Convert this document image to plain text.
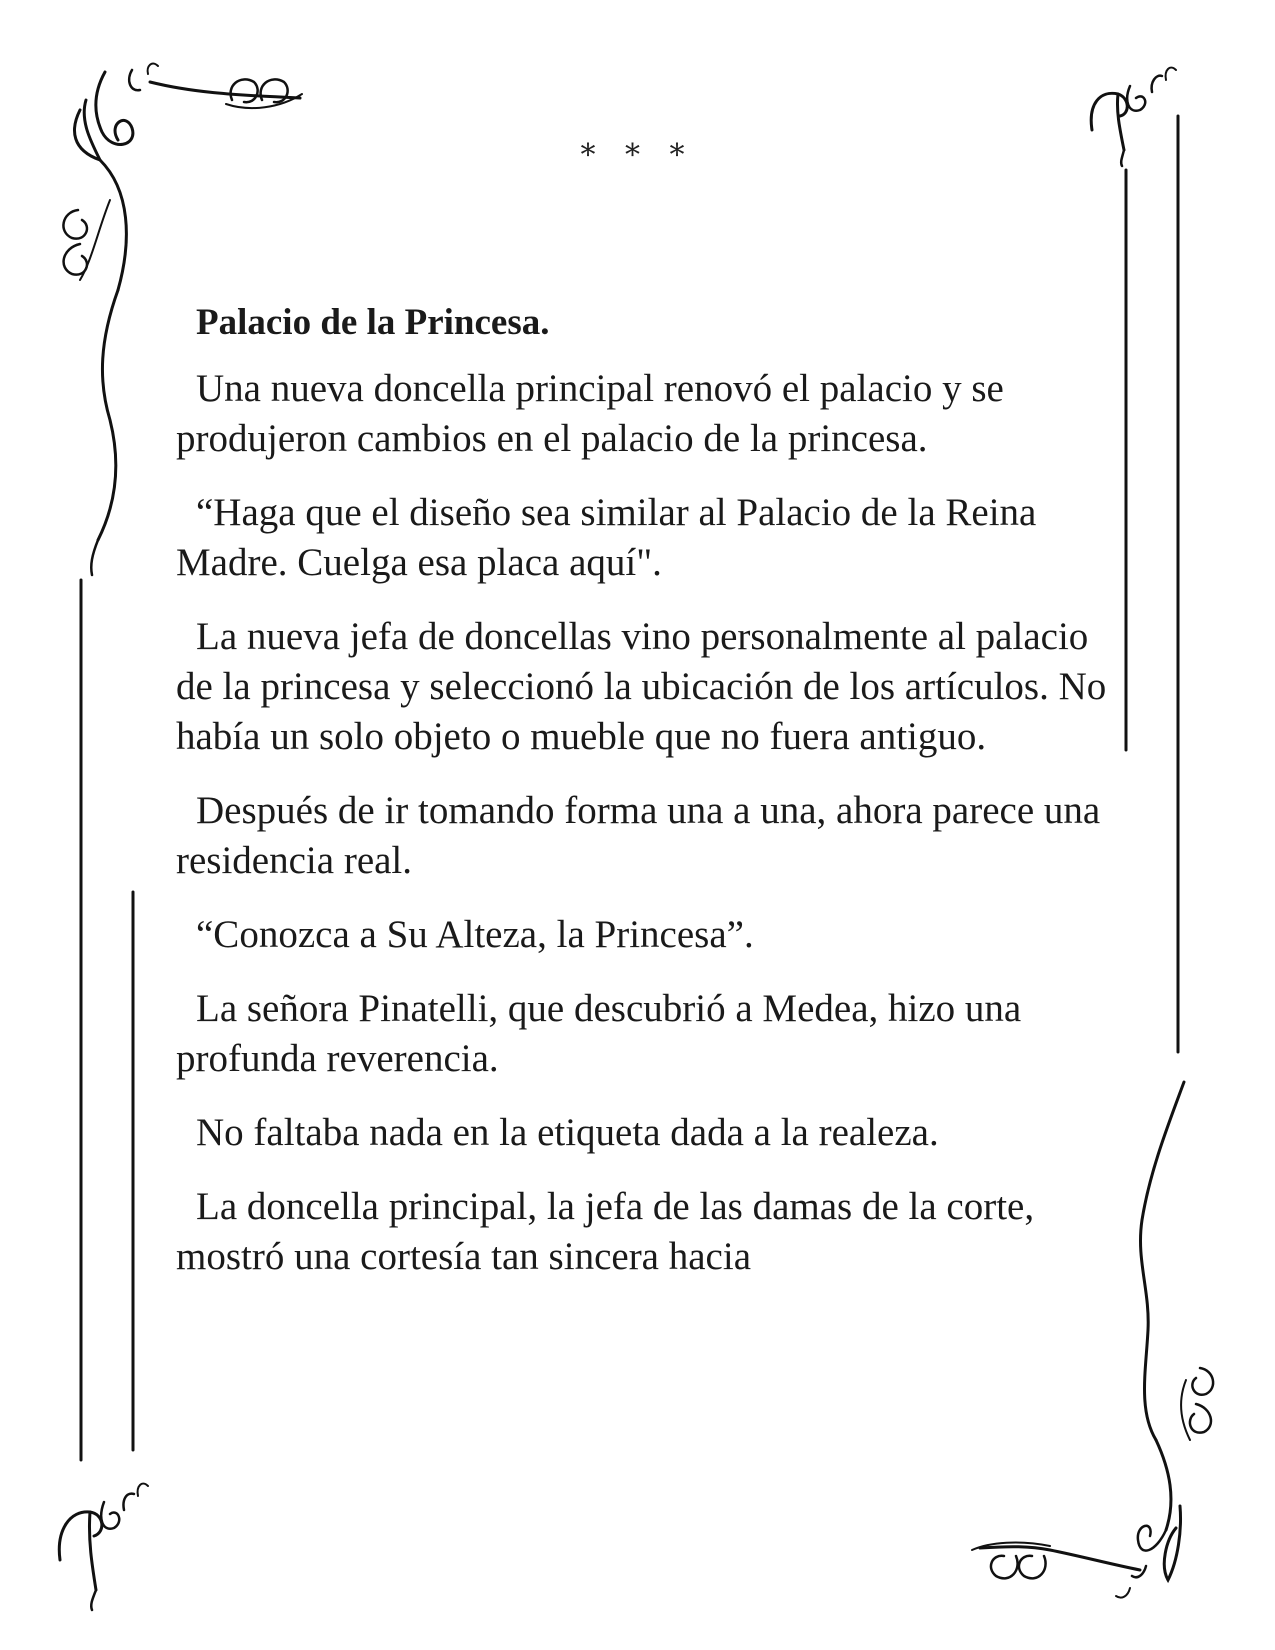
* * *
Palacio de la Princesa.

Una nueva doncella principal renovó el palacio y se produjeron cambios en el palacio de la princesa.

“Haga que el diseño sea similar al Palacio de la Reina Madre. Cuelga esa placa aquí".

La nueva jefa de doncellas vino personalmente al palacio de la princesa y seleccionó la ubicación de los artículos. No había un solo objeto o mueble que no fuera antiguo.

Después de ir tomando forma una a una, ahora parece una residencia real.

“Conozca a Su Alteza, la Princesa”.

La señora Pinatelli, que descubrió a Medea, hizo una profunda reverencia.

No faltaba nada en la etiqueta dada a la realeza.

La doncella principal, la jefa de las damas de la corte, mostró una cortesía tan sincera hacia
